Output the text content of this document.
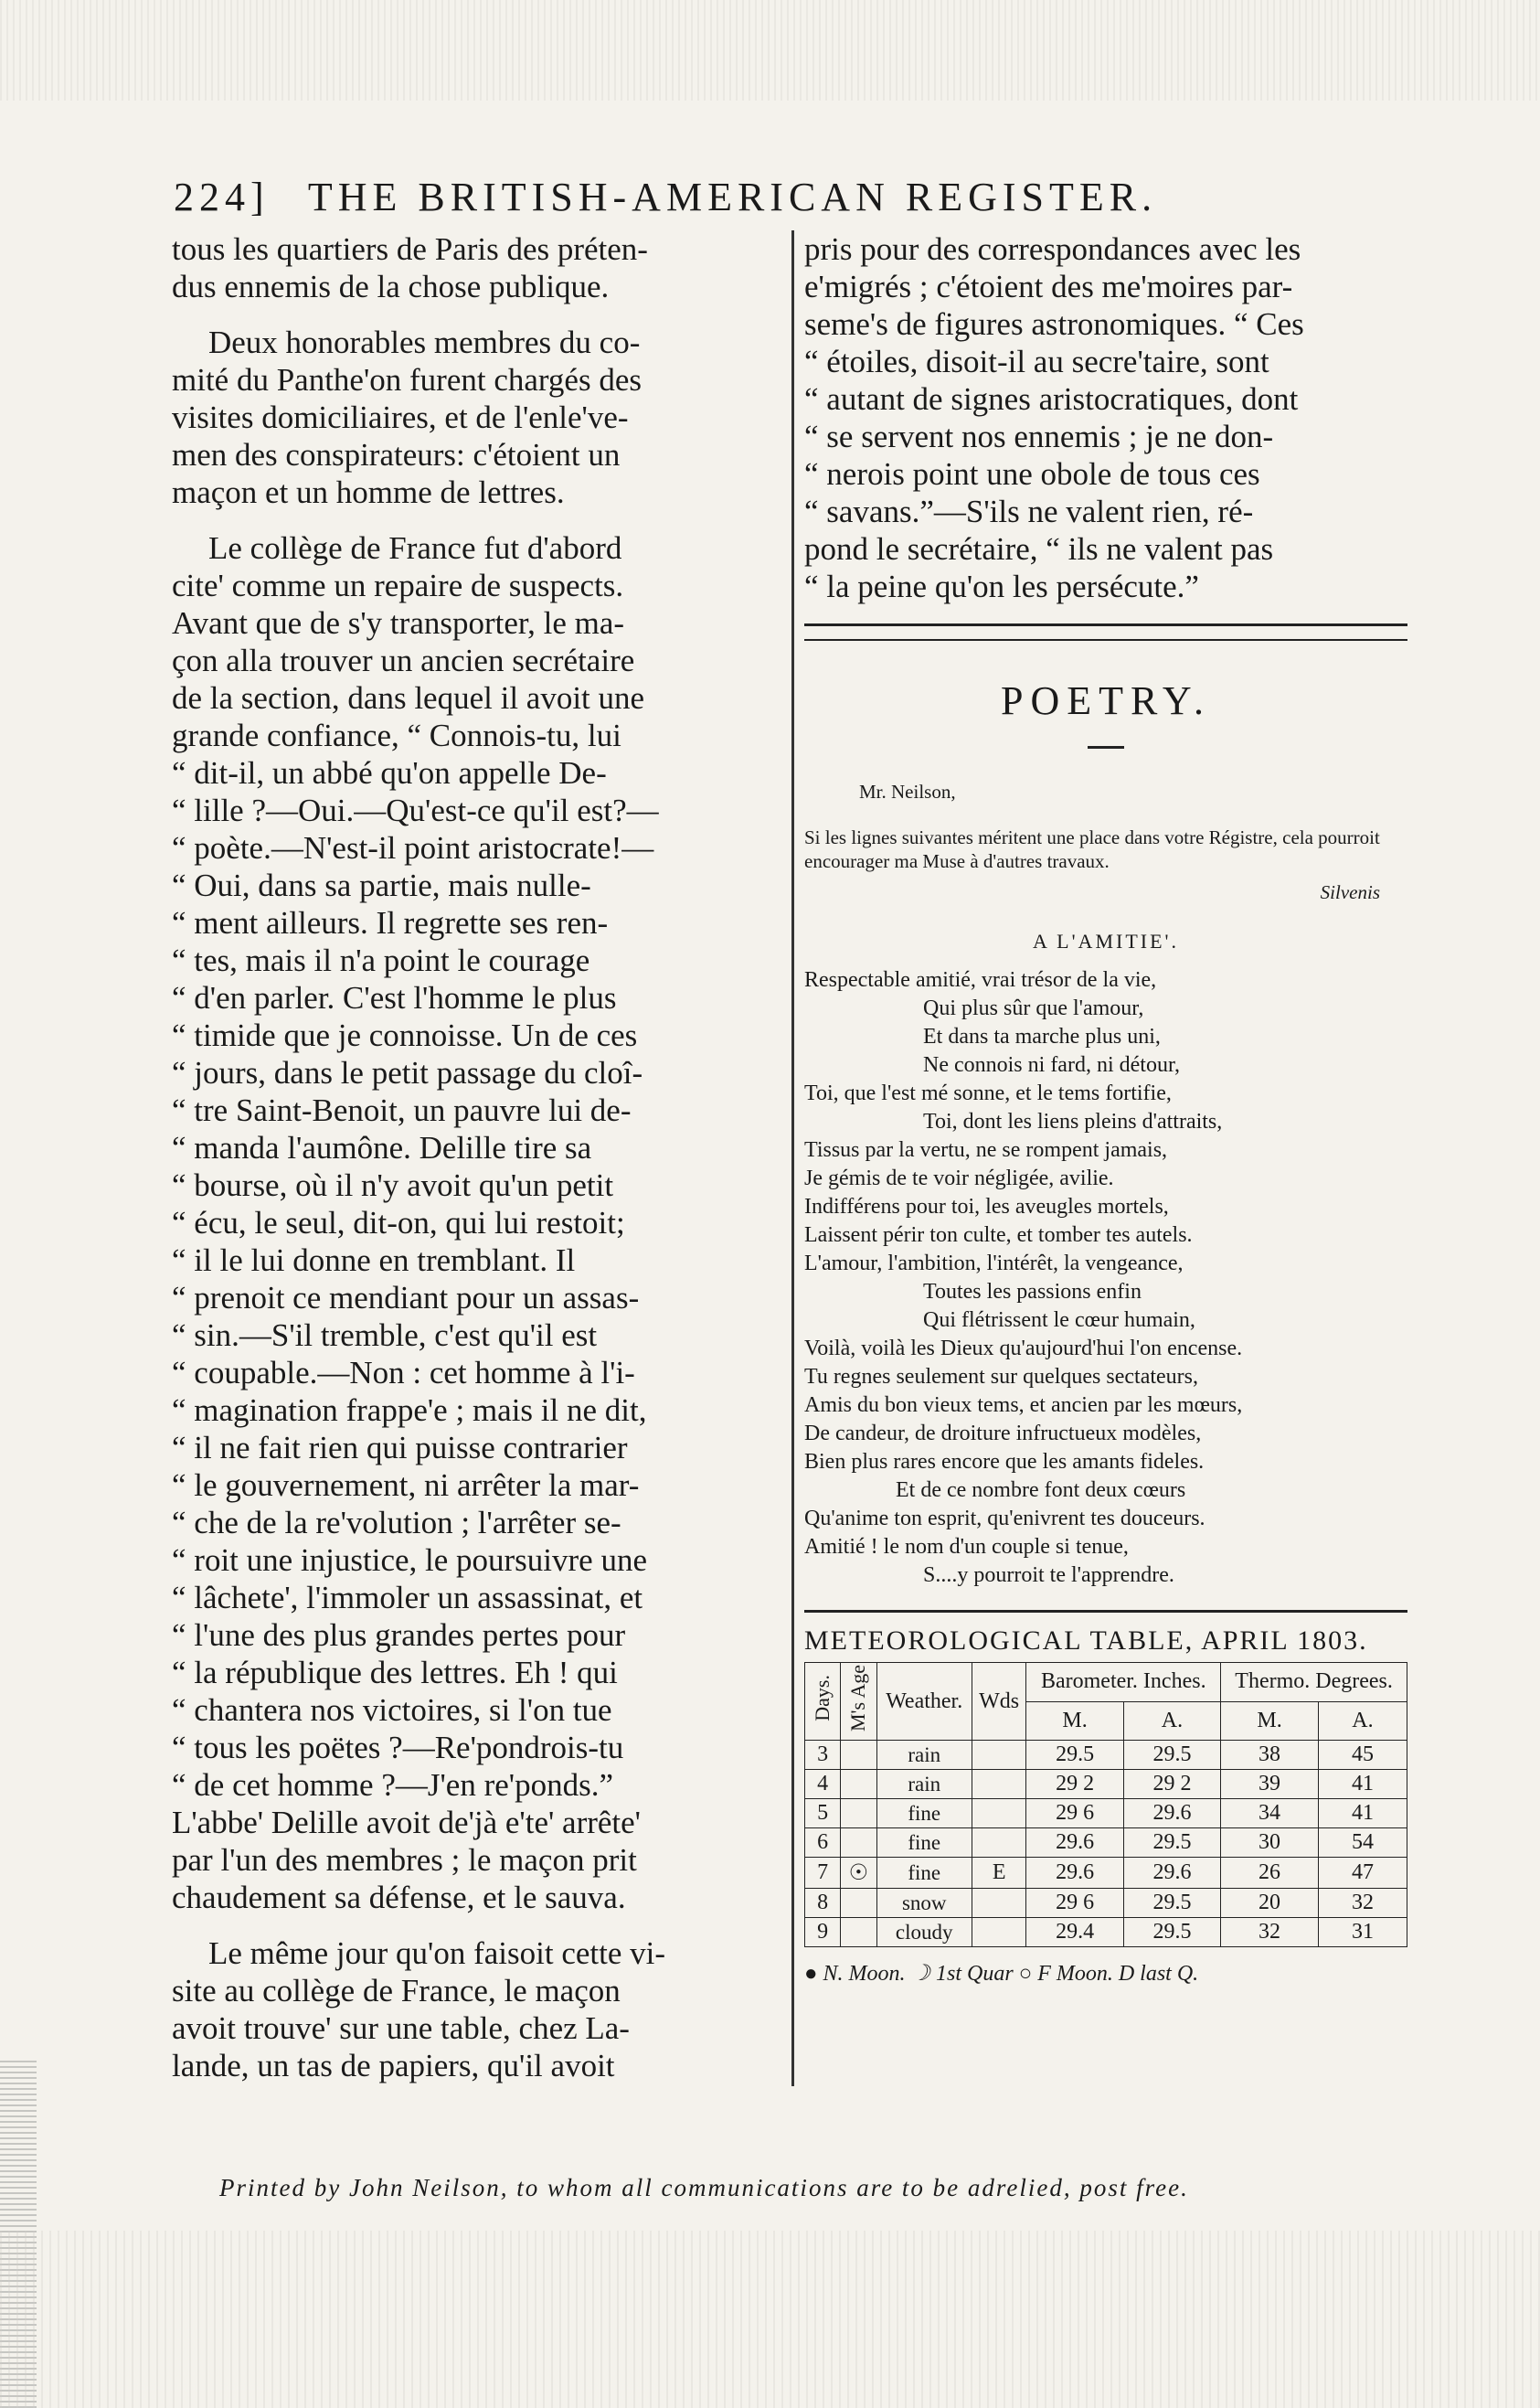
224] THE BRITISH-AMERICAN REGISTER.
tous les quartiers de Paris des préten-
dus ennemis de la chose publique.
Deux honorables membres du co-
mité du Panthe'on furent chargés des
visites domiciliaires, et de l'enle've-
men des conspirateurs: c'étoient un
maçon et un homme de lettres.
Le collège de France fut d'abord
cite' comme un repaire de suspects.
Avant que de s'y transporter, le ma-
çon alla trouver un ancien secrétaire
de la section, dans lequel il avoit une
grande confiance, “ Connois-tu, lui
“ dit-il, un abbé qu'on appelle De-
“ lille ?—Oui.—Qu'est-ce qu'il est?—
“ poète.—N'est-il point aristocrate!—
“ Oui, dans sa partie, mais nulle-
“ ment ailleurs. Il regrette ses ren-
“ tes, mais il n'a point le courage
“ d'en parler. C'est l'homme le plus
“ timide que je connoisse. Un de ces
“ jours, dans le petit passage du cloî-
“ tre Saint-Benoit, un pauvre lui de-
“ manda l'aumône. Delille tire sa
“ bourse, où il n'y avoit qu'un petit
“ écu, le seul, dit-on, qui lui restoit;
“ il le lui donne en tremblant. Il
“ prenoit ce mendiant pour un assas-
“ sin.—S'il tremble, c'est qu'il est
“ coupable.—Non : cet homme à l'i-
“ magination frappe'e ; mais il ne dit,
“ il ne fait rien qui puisse contrarier
“ le gouvernement, ni arrêter la mar-
“ che de la re'volution ; l'arrêter se-
“ roit une injustice, le poursuivre une
“ lâchete', l'immoler un assassinat, et
“ l'une des plus grandes pertes pour
“ la république des lettres. Eh ! qui
“ chantera nos victoires, si l'on tue
“ tous les poëtes ?—Re'pondrois-tu
“ de cet homme ?—J'en re'ponds.”
L'abbe' Delille avoit de'jà e'te' arrête'
par l'un des membres ; le maçon prit
chaudement sa défense, et le sauva.
Le même jour qu'on faisoit cette vi-
site au collège de France, le maçon
avoit trouve' sur une table, chez La-
lande, un tas de papiers, qu'il avoit
pris pour des correspondances avec les
e'migrés ; c'étoient des me'moires par-
seme's de figures astronomiques. “ Ces
“ étoiles, disoit-il au secre'taire, sont
“ autant de signes aristocratiques, dont
“ se servent nos ennemis ; je ne don-
“ nerois point une obole de tous ces
“ savans.”—S'ils ne valent rien, ré-
pond le secrétaire, “ ils ne valent pas
“ la peine qu'on les persécute.”
POETRY.
Mr. Neilson,
Si les lignes suivantes méritent une place dans votre Régistre, cela pourroit encourager ma Muse à d'autres travaux.
Silvenis
A L'AMITIE'.
Respectable amitié, vrai trésor de la vie,
Qui plus sûr que l'amour,
Et dans ta marche plus uni,
Ne connois ni fard, ni détour,
Toi, que l'est mé sonne, et le tems fortifie,
Toi, dont les liens pleins d'attraits,
Tissus par la vertu, ne se rompent jamais,
Je gémis de te voir négligée, avilie.
Indifférens pour toi, les aveugles mortels,
Laissent périr ton culte, et tomber tes autels.
L'amour, l'ambition, l'intérêt, la vengeance,
Toutes les passions enfin
Qui flétrissent le cœur humain,
Voilà, voilà les Dieux qu'aujourd'hui l'on encense.
Tu regnes seulement sur quelques sectateurs,
Amis du bon vieux tems, et ancien par les mœurs,
De candeur, de droiture infructueux modèles,
Bien plus rares encore que les amants fideles.
Et de ce nombre font deux cœurs
Qu'anime ton esprit, qu'enivrent tes douceurs.
Amitié ! le nom d'un couple si tenue,
S....y pourroit te l'apprendre.
METEOROLOGICAL TABLE, APRIL 1803.
Days.	M's Age	Weather.	Wds	Barometer. Inches.		Thermo. Degrees.	
				M.	A.	M.	A.
3		rain		29.5	29.5	38	45
4		rain		29 2	29 2	39	41
5		fine		29 6	29.6	34	41
6		fine		29.6	29.5	30	54
7	☉	fine	E	29.6	29.6	26	47
8		snow		29 6	29.5	20	32
9		cloudy		29.4	29.5	32	31
● N. Moon. ☽ 1st Quar ○ F Moon. D last Q.
Printed by John Neilson, to whom all communications are to be adrelied, post free.
